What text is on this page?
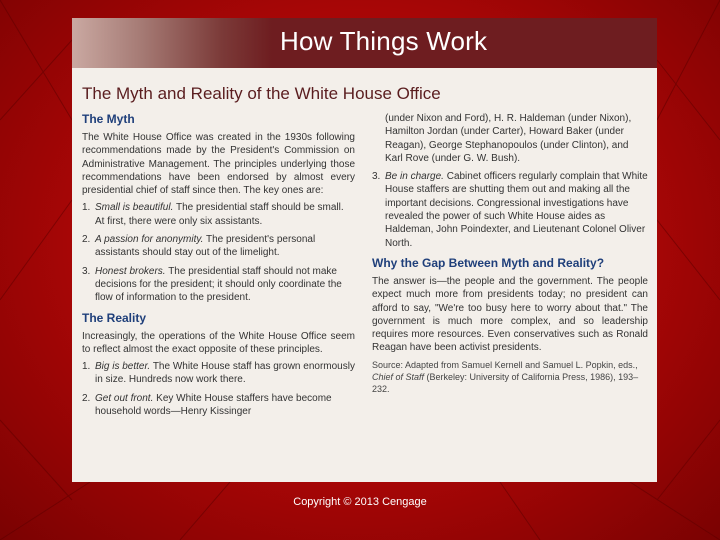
How Things Work
The Myth and Reality of the White House Office
The Myth

The White House Office was created in the 1930s following recommendations made by the President's Commission on Administrative Management. The principles underlying those recommendations have been endorsed by almost every presidential chief of staff since then. The key ones are:

1. Small is beautiful. The presidential staff should be small. At first, there were only six assistants.
2. A passion for anonymity. The president's personal assistants should stay out of the limelight.
3. Honest brokers. The presidential staff should not make decisions for the president; it should only coordinate the flow of information to the president.
The Reality

Increasingly, the operations of the White House Office seem to reflect almost the exact opposite of these principles.

1. Big is better. The White House staff has grown enormously in size. Hundreds now work there.
2. Get out front. Key White House staffers have become household words—Henry Kissinger
(under Nixon and Ford), H. R. Haldeman (under Nixon), Hamilton Jordan (under Carter), Howard Baker (under Reagan), George Stephanopoulos (under Clinton), and Karl Rove (under G. W. Bush).
3. Be in charge. Cabinet officers regularly complain that White House staffers are shutting them out and making all the important decisions. Congressional investigations have revealed the power of such White House aides as Haldeman, John Poindexter, and Lieutenant Colonel Oliver North.
Why the Gap Between Myth and Reality?

The answer is—the people and the government. The people expect much more from presidents today; no president can afford to say, "We're too busy here to worry about that." The government is much more complex, and so leadership requires more resources. Even conservatives such as Ronald Reagan have been activist presidents.

Source: Adapted from Samuel Kernell and Samuel L. Popkin, eds., Chief of Staff (Berkeley: University of California Press, 1986), 193–232.
Copyright © 2013 Cengage
